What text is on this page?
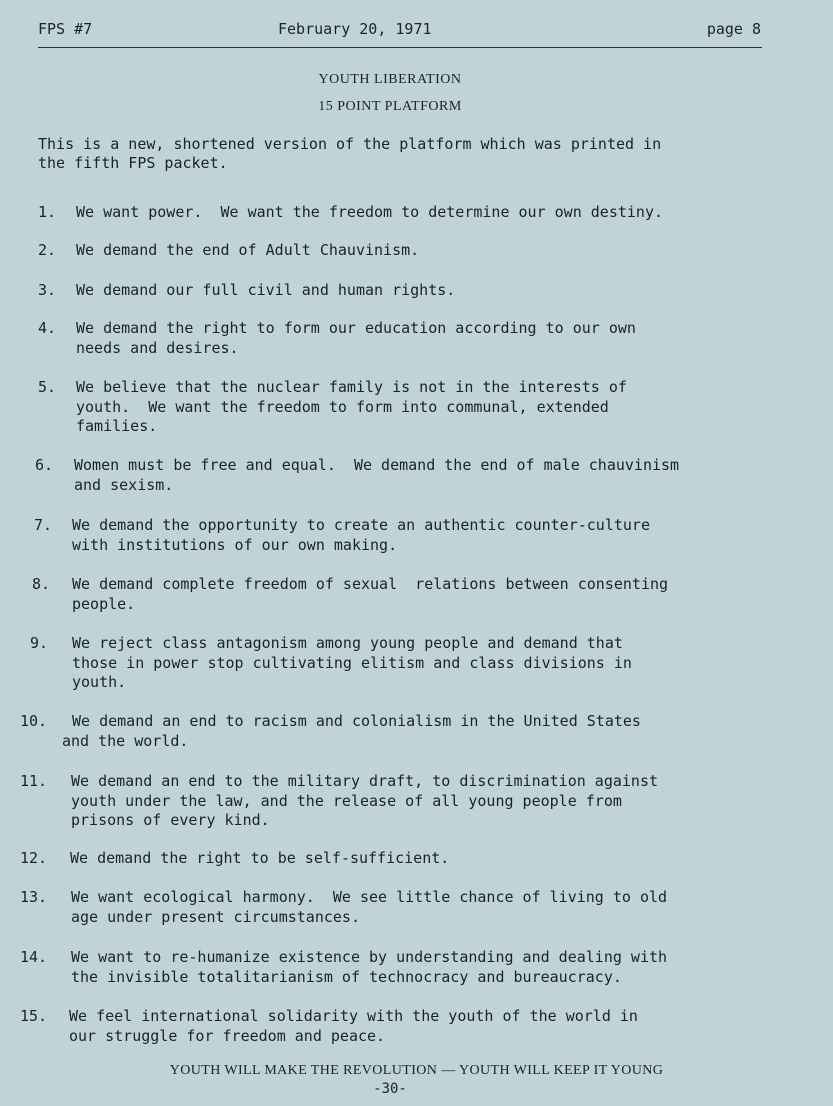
FPS #7	February 20, 1971	page 8
YOUTH LIBERATION
15 POINT PLATFORM
This is a new, shortened version of the platform which was printed in
the fifth FPS packet.
1. We want power.  We want the freedom to determine our own destiny.
2. We demand the end of Adult Chauvinism.
3. We demand our full civil and human rights.
4. We demand the right to form our education according to our own
needs and desires.
5. We believe that the nuclear family is not in the interests of
youth.  We want the freedom to form into communal, extended
families.
6. Women must be free and equal.  We demand the end of male chauvinism
and sexism.
7. We demand the opportunity to create an authentic counter-culture
with institutions of our own making.
8. We demand complete freedom of sexual  relations between consenting
people.
9. We reject class antagonism among young people and demand that
those in power stop cultivating elitism and class divisions in
youth.
10.	We demand an end to racism and colonialism in the United States
and the world.
11. We demand an end to the military draft, to discrimination against
youth under the law, and the release of all young people from
prisons of every kind.
12. We demand the right to be self-sufficient.
13. We want ecological harmony.  We see little chance of living to old
age under present circumstances.
14. We want to re-humanize existence by understanding and dealing with
the invisible totalitarianism of technocracy and bureaucracy.
15. We feel international solidarity with the youth of the world in
our struggle for freedom and peace.
YOUTH WILL MAKE THE REVOLUTION — YOUTH WILL KEEP IT YOUNG
-30-
